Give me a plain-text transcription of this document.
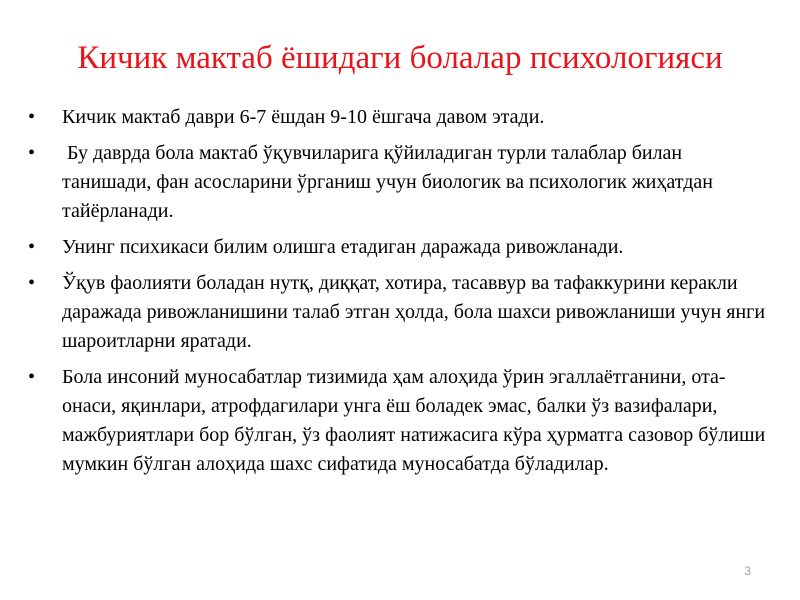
Кичик мактаб ёшидаги болалар психологияси
• Кичик мактаб даври 6-7 ёшдан 9-10 ёшгача давом этади.
• Бу даврда бола мактаб ўқувчиларига қўйиладиган турли талаблар билан танишади, фан асосларини ўрганиш учун биологик ва психологик жиҳатдан тайёрланади.
• Унинг психикаси билим олишга етадиган даражада ривожланади.
• Ўқув фаолияти боладан нутқ, диққат, хотира, тасаввур ва тафаккурини керакли даражада ривожланишини талаб этган ҳолда, бола шахси ривожланиши учун янги шароитларни яратади.
• Бола инсоний муносабатлар тизимида ҳам алоҳида ўрин эгаллаётганини, ота-онаси, яқинлари, атрофдагилари унга ёш боладек эмас, балки ўз вазифалари, мажбуриятлари бор бўлган, ўз фаолият натижасига кўра ҳурматга сазовор бўлиши мумкин бўлган алоҳида шахс сифатида муносабатда бўладилар.
3
